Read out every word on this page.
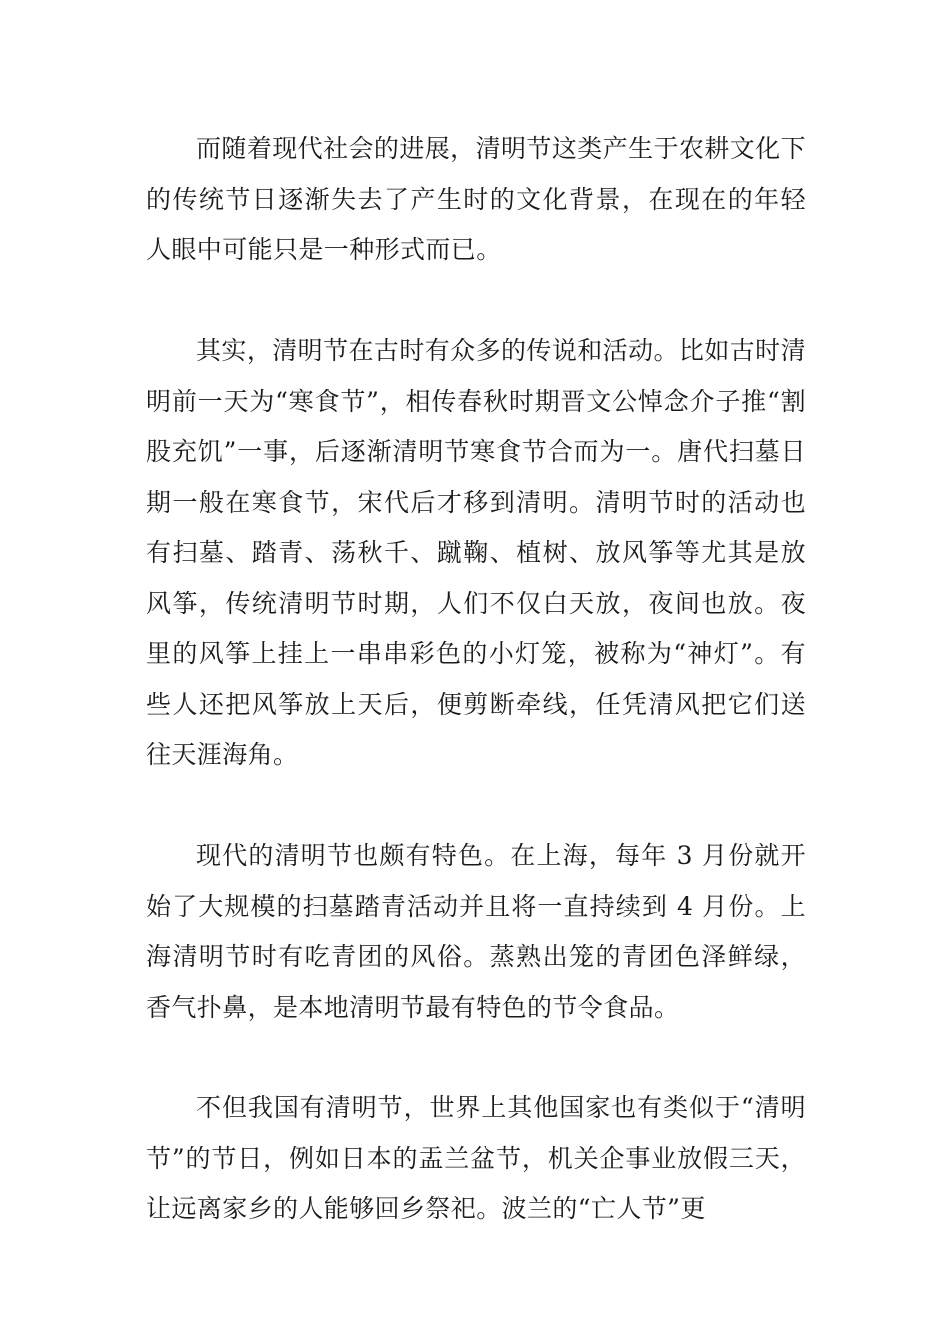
而随着现代社会的进展，清明节这类产生于农耕文化下的传统节日逐渐失去了产生时的文化背景，在现在的年轻人眼中可能只是一种形式而已。

其实，清明节在古时有众多的传说和活动。比如古时清明前一天为“寒食节”，相传春秋时期晋文公悼念介子推“割股充饥”一事，后逐渐清明节寒食节合而为一。唐代扫墓日期一般在寒食节，宋代后才移到清明。清明节时的活动也有扫墓、踏青、荡秋千、蹴鞠、植树、放风筝等尤其是放风筝，传统清明节时期，人们不仅白天放，夜间也放。夜里的风筝上挂上一串串彩色的小灯笼，被称为“神灯”。有些人还把风筝放上天后，便剪断牵线，任凭清风把它们送往天涯海角。

现代的清明节也颇有特色。在上海，每年 3 月份就开始了大规模的扫墓踏青活动并且将一直持续到 4 月份。上海清明节时有吃青团的风俗。蒸熟出笼的青团色泽鲜绿，香气扑鼻，是本地清明节最有特色的节令食品。

不但我国有清明节，世界上其他国家也有类似于“清明节”的节日，例如日本的盂兰盆节，机关企事业放假三天，让远离家乡的人能够回乡祭祀。波兰的“亡人节”更
